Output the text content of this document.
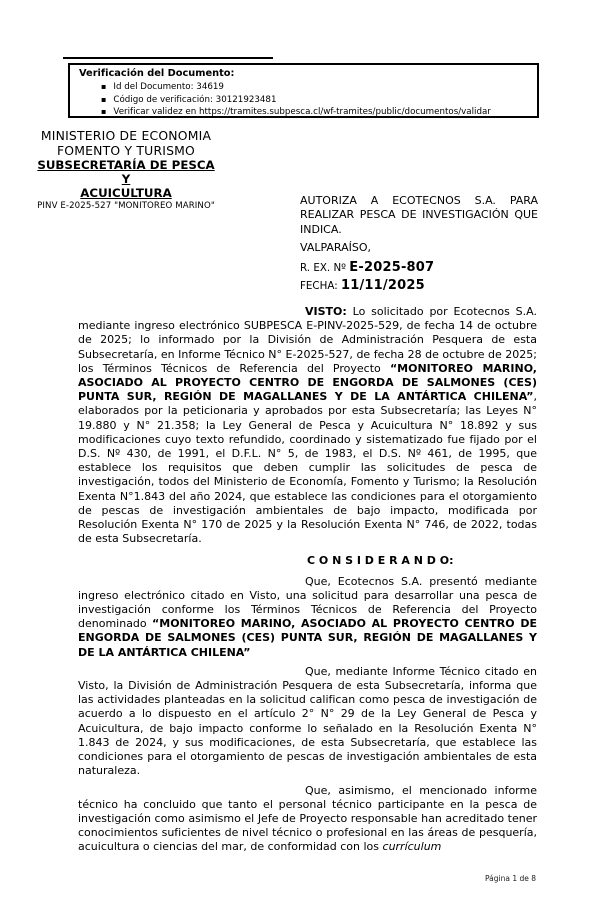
Verificación del Documento:
▪ Id del Documento: 34619
▪ Código de verificación: 30121923481
▪ Verificar validez en https://tramites.subpesca.cl/wf-tramites/public/documentos/validar
MINISTERIO DE ECONOMIA
FOMENTO Y TURISMO
SUBSECRETARÍA DE PESCA Y
ACUICULTURA
PINV E-2025-527 "MONITOREO MARINO"	AUTORIZA A ECOTECNOS S.A. PARA REALIZAR PESCA DE INVESTIGACIÓN QUE INDICA.
VALPARAÍSO,
R. EX. Nº E-2025-807
FECHA: 11/11/2025

VISTO: Lo solicitado por Ecotecnos S.A. mediante ingreso electrónico SUBPESCA E-PINV-2025-529, de fecha 14 de octubre de 2025; lo informado por la División de Administración Pesquera de esta Subsecretaría, en Informe Técnico N° E-2025-527, de fecha 28 de octubre de 2025; los Términos Técnicos de Referencia del Proyecto “MONITOREO MARINO, ASOCIADO AL PROYECTO CENTRO DE ENGORDA DE SALMONES (CES) PUNTA SUR, REGIÓN DE MAGALLANES Y DE LA ANTÁRTICA CHILENA”, elaborados por la peticionaria y aprobados por esta Subsecretaría; las Leyes N° 19.880 y N° 21.358; la Ley General de Pesca y Acuicultura N° 18.892 y sus modificaciones cuyo texto refundido, coordinado y sistematizado fue fijado por el D.S. Nº 430, de 1991, el D.F.L. N° 5, de 1983, el D.S. Nº 461, de 1995, que establece los requisitos que deben cumplir las solicitudes de pesca de investigación, todos del Ministerio de Economía, Fomento y Turismo; la Resolución Exenta N°1.843 del año 2024, que establece las condiciones para el otorgamiento de pescas de investigación ambientales de bajo impacto, modificada por Resolución Exenta N° 170 de 2025 y la Resolución Exenta N° 746, de 2022, todas de esta Subsecretaría.

C O N S I D E R A N D O:

Que, Ecotecnos S.A. presentó mediante ingreso electrónico citado en Visto, una solicitud para desarrollar una pesca de investigación conforme los Términos Técnicos de Referencia del Proyecto denominado “MONITOREO MARINO, ASOCIADO AL PROYECTO CENTRO DE ENGORDA DE SALMONES (CES) PUNTA SUR, REGIÓN DE MAGALLANES Y DE LA ANTÁRTICA CHILENA”

Que, mediante Informe Técnico citado en Visto, la División de Administración Pesquera de esta Subsecretaría, informa que las actividades planteadas en la solicitud califican como pesca de investigación de acuerdo a lo dispuesto en el artículo 2° N° 29 de la Ley General de Pesca y Acuicultura, de bajo impacto conforme lo señalado en la Resolución Exenta N° 1.843 de 2024, y sus modificaciones, de esta Subsecretaría, que establece las condiciones para el otorgamiento de pescas de investigación ambientales de esta naturaleza.

Que, asimismo, el mencionado informe técnico ha concluido que tanto el personal técnico participante en la pesca de investigación como asimismo el Jefe de Proyecto responsable han acreditado tener conocimientos suficientes de nivel técnico o profesional en las áreas de pesquería, acuicultura o ciencias del mar, de conformidad con los currículum

Página 1 de 8
